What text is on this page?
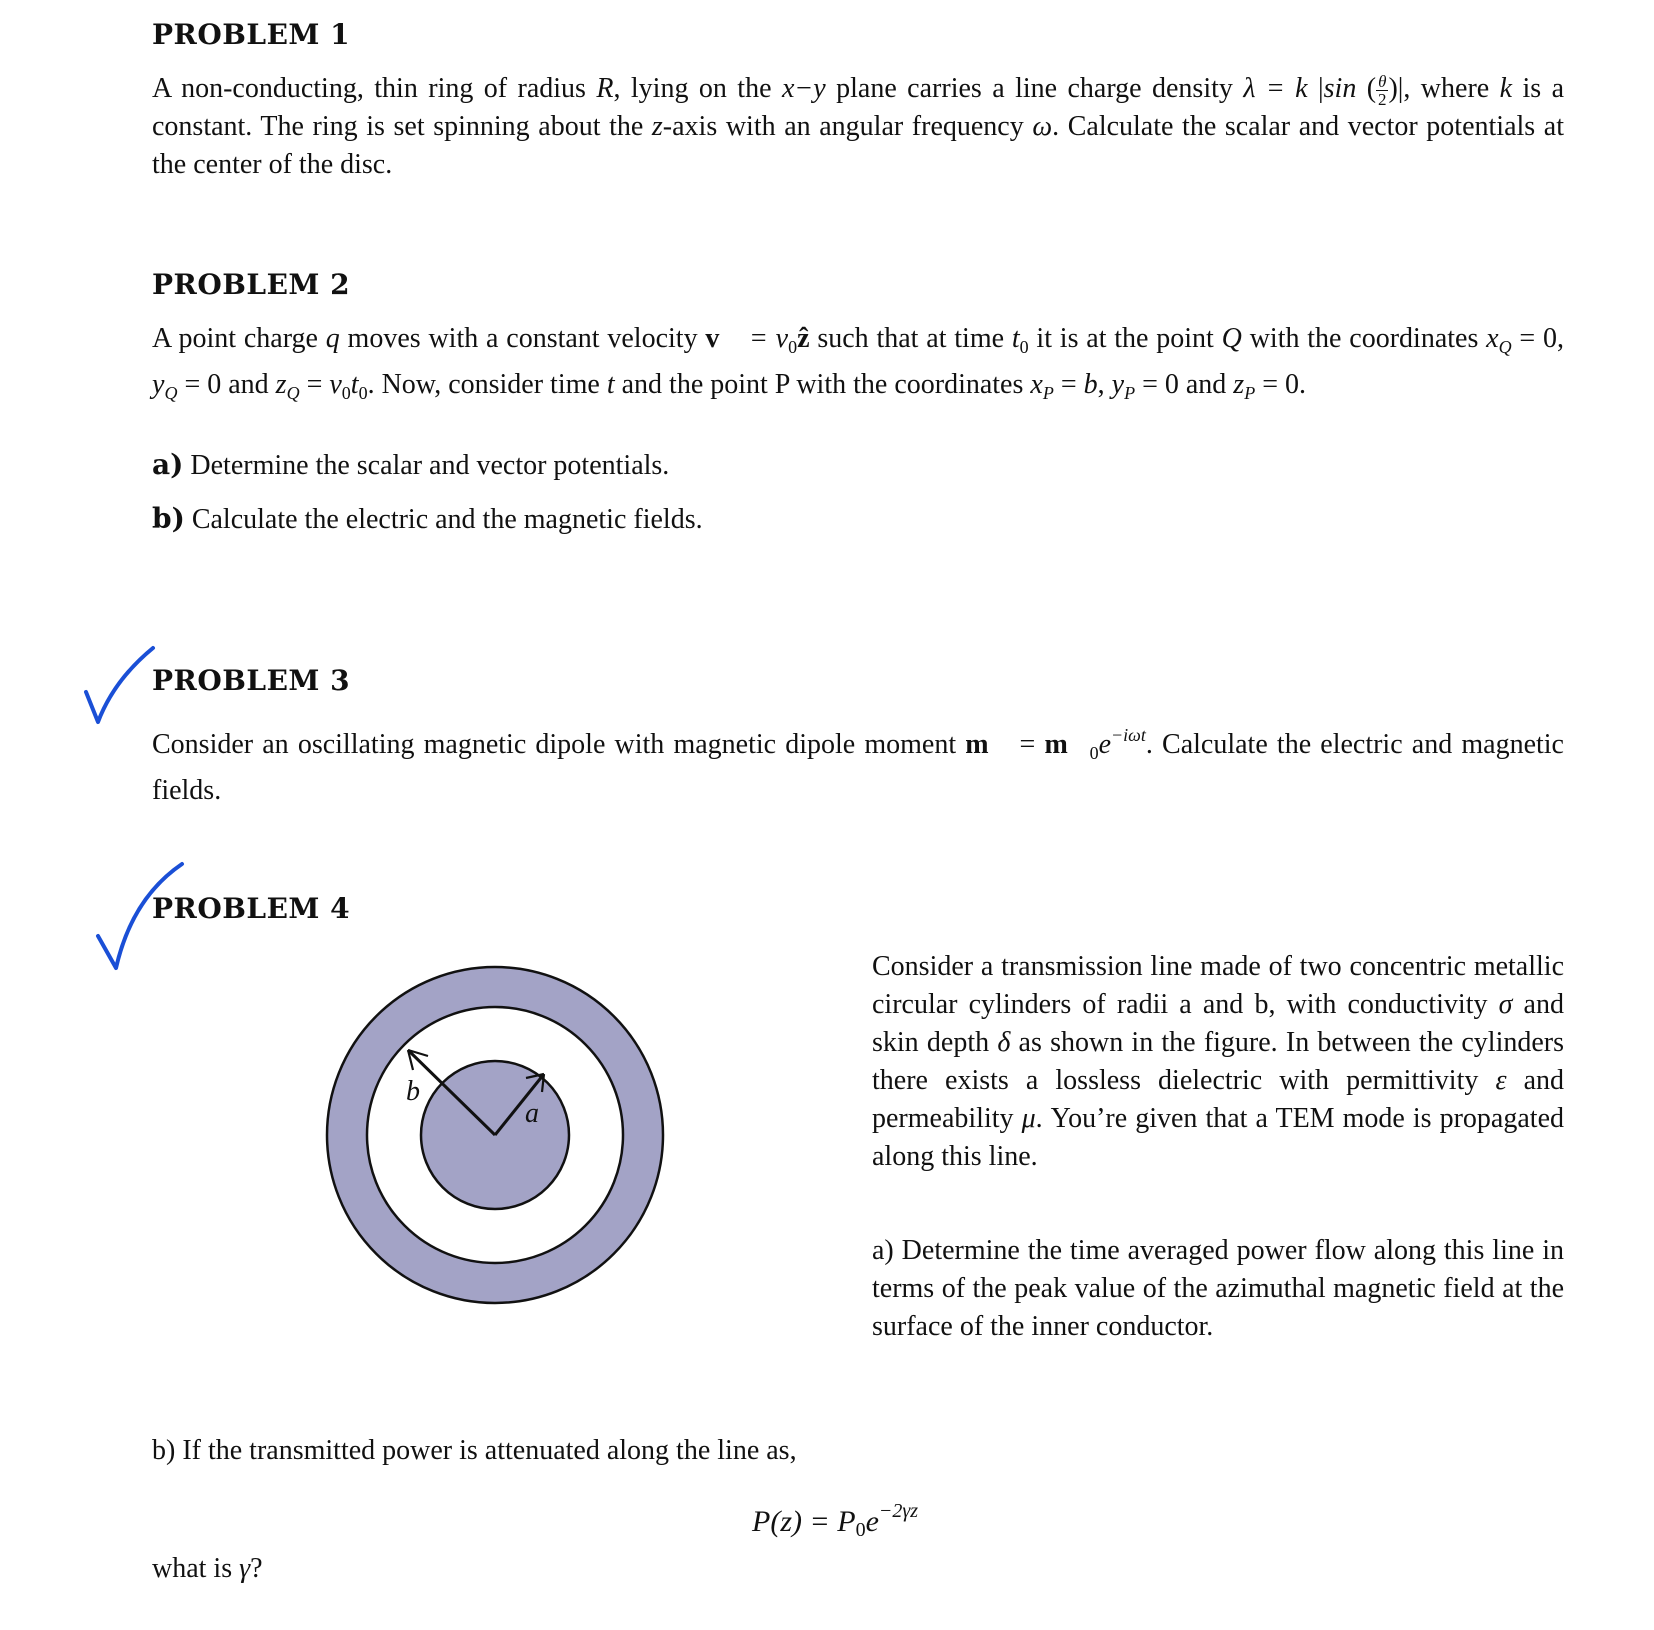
PROBLEM 1

A non-conducting, thin ring of radius R, lying on the x−y plane carries a line charge density λ = k |sin ( $\frac{\theta}{2}$ )|, where k is a constant. The ring is set spinning about the z-axis with an angular frequency ω. Calculate the scalar and vector potentials at the center of the disc.

PROBLEM 2

A point charge q moves with a constant velocity v⃗ = $v_0ẑ$ such that at time $t_0$ it is at the point Q with the coordinates $x_Q = 0$, $y_Q = 0$ and $z_Q = v_0t_0$. Now, consider time t and the point P with the coordinates $x_P = b$, $y_P = 0$ and $z_P = 0$.

a) Determine the scalar and vector potentials.

b) Calculate the electric and the magnetic fields.

PROBLEM 3

Consider an oscillating magnetic dipole with magnetic dipole moment m⃗ = $m⃗_0e^{-i\omega t}$. Calculate the electric and magnetic fields.

PROBLEM 4
b
a

Consider a transmission line made of two concentric metallic circular cylinders of radii a and b, with conductivity σ and skin depth δ as shown in the figure. In between the cylinders there exists a lossless dielectric with permittivity ε and permeability μ. You’re given that a TEM mode is propagated along this line.

a) Determine the time averaged power flow along this line in terms of the peak value of the azimuthal magnetic field at the surface of the inner conductor.

b) If the transmitted power is attenuated along the line as,

$P(z) = P0e^{-2\gamma z}$

what is γ?
